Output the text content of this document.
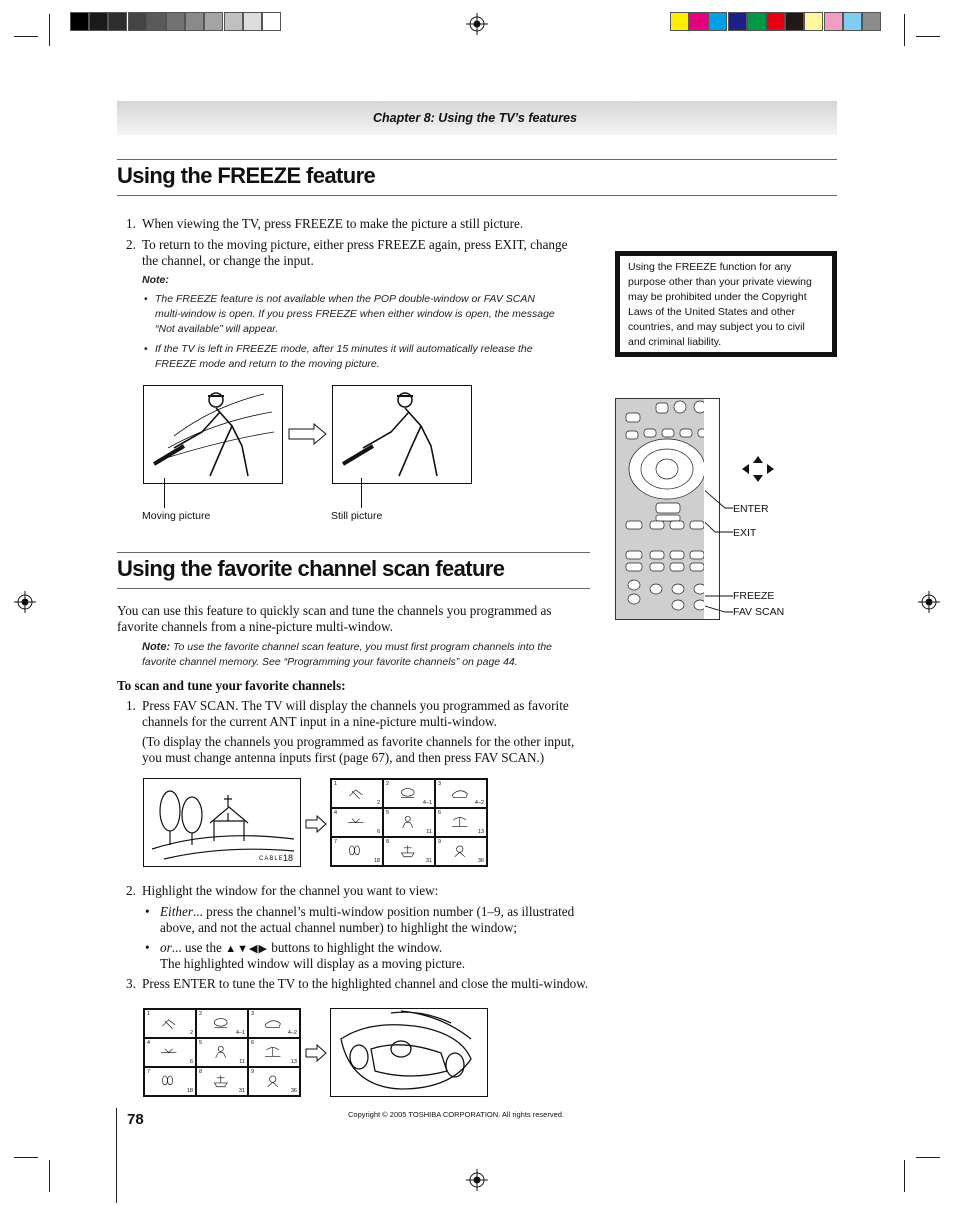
Chapter 8: Using the TV’s features
Using the FREEZE feature
1. When viewing the TV, press FREEZE to make the picture a still picture.
2. To return to the moving picture, either press FREEZE again, press EXIT, change the channel, or change the input.
Note:
• The FREEZE feature is not available when the POP double-window or FAV SCAN multi-window is open. If you press FREEZE when either window is open, the message “Not available” will appear.
• If the TV is left in FREEZE mode, after 15 minutes it will automatically release the FREEZE mode and return to the moving picture.
Moving picture	Still picture
Using the FREEZE function for any purpose other than your private viewing may be prohibited under the Copyright Laws of the United States and other countries, and may subject you to civil and criminal liability.
ENTER
EXIT
FREEZE
FAV SCAN
Using the favorite channel scan feature
You can use this feature to quickly scan and tune the channels you programmed as favorite channels from a nine-picture multi-window.
Note: To use the favorite channel scan feature, you must first program channels into the favorite channel memory. See “Programming your favorite channels” on page 44.
To scan and tune your favorite channels:
1. Press FAV SCAN. The TV will display the channels you programmed as favorite channels for the current ANT input in a nine-picture multi-window.
(To display the channels you programmed as favorite channels for the other input, you must change antenna inputs first (page 67), and then press FAV SCAN.)
CABLE 18
1
2
2
4–1
3
4–2
4
6
5
11
6
13
7
18
8
31
9
36
2. Highlight the window for the channel you want to view:
• Either... press the channel’s multi-window position number (1–9, as illustrated above, and not the actual channel number) to highlight the window;
• or... use the ▲▼◀▶ buttons to highlight the window.
The highlighted window will display as a moving picture.
3. Press ENTER to tune the TV to the highlighted channel and close the multi-window.
1
2
2
4–1
3
4–2
4
6
5
11
6
13
7
18
8
31
9
36
78	Copyright © 2005 TOSHIBA CORPORATION. All rights reserved.
